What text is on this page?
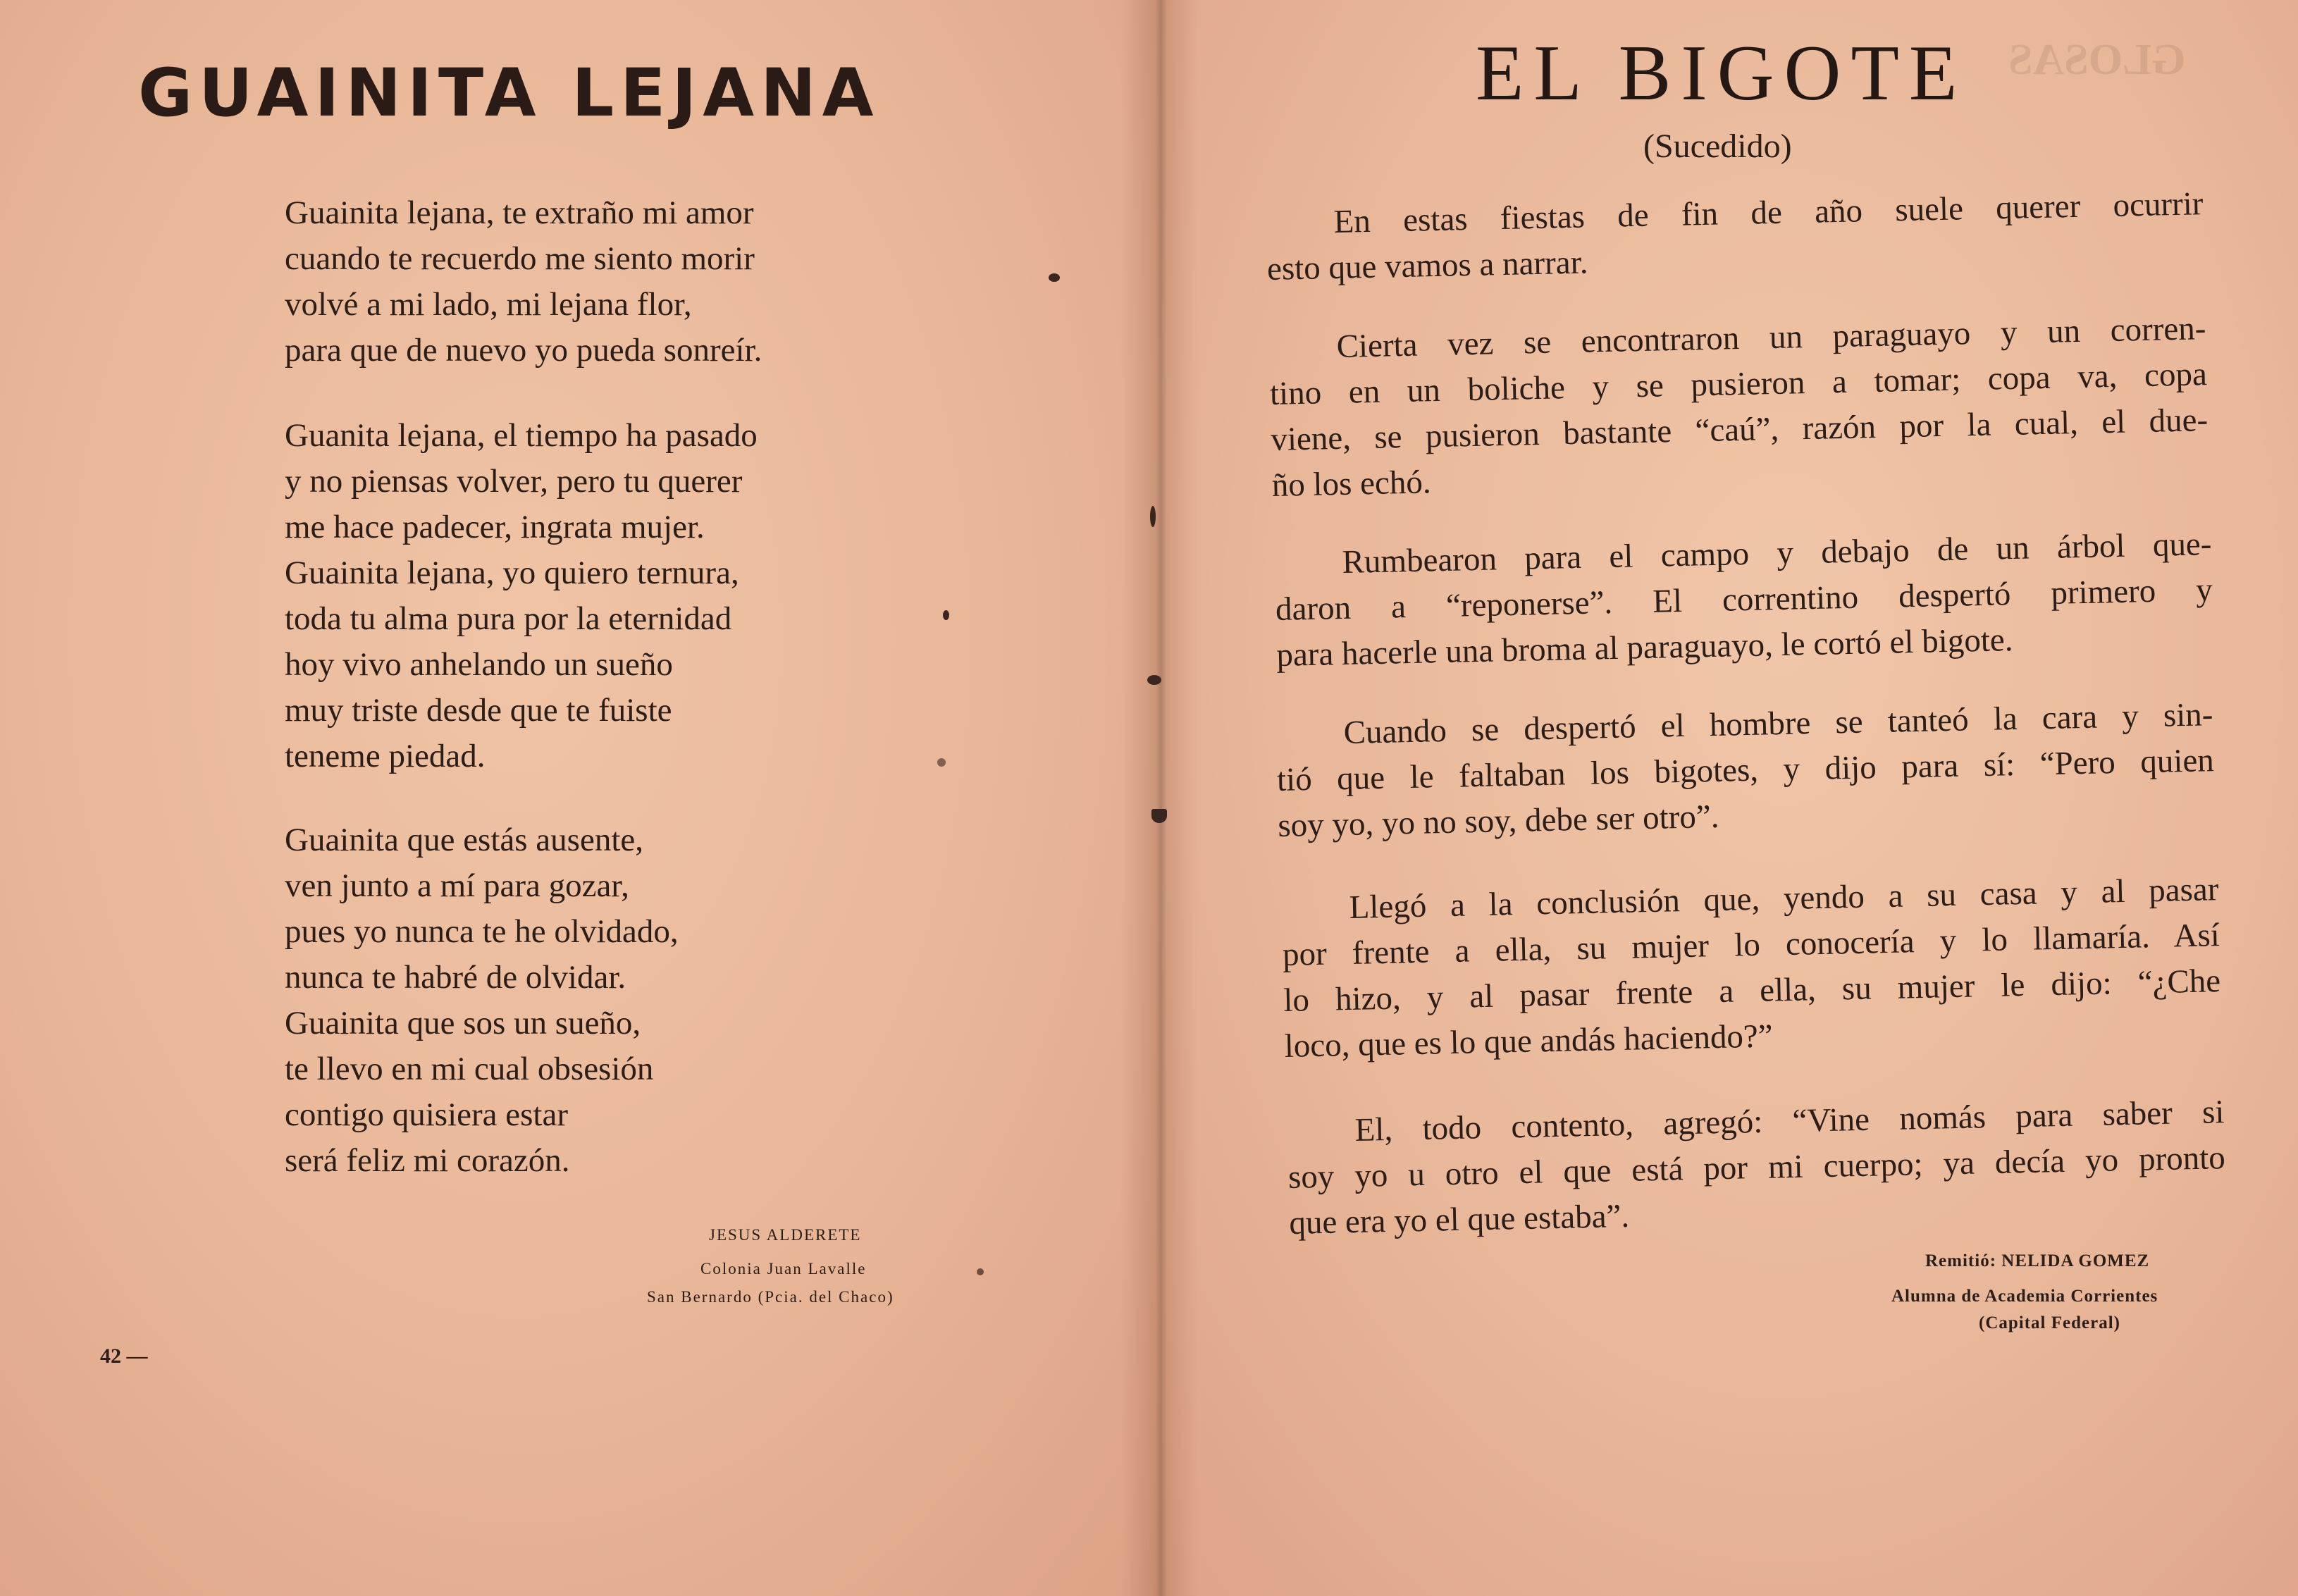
GUAINITA LEJANA
Guainita lejana, te extraño mi amor
cuando te recuerdo me siento morir
volvé a mi lado, mi lejana flor,
para que de nuevo yo pueda sonreír.
Guanita lejana, el tiempo ha pasado
y no piensas volver, pero tu querer
me hace padecer, ingrata mujer.
Guainita lejana, yo quiero ternura,
toda tu alma pura por la eternidad
hoy vivo anhelando un sueño
muy triste desde que te fuiste
teneme piedad.
Guainita que estás ausente,
ven junto a mí para gozar,
pues yo nunca te he olvidado,
nunca te habré de olvidar.
Guainita que sos un sueño,
te llevo en mi cual obsesión
contigo quisiera estar
será feliz mi corazón.
JESUS ALDERETE
Colonia Juan Lavalle
San Bernardo (Pcia. del Chaco)
42 —
GLOSAS
EL BIGOTE
(Sucedido)
En estas fiestas de fin de año suele querer ocurrir
esto que vamos a narrar.
Cierta vez se encontraron un paraguayo y un corren-
tino en un boliche y se pusieron a tomar; copa va, copa
viene, se pusieron bastante “caú”, razón por la cual, el due-
ño los echó.
Rumbearon para el campo y debajo de un árbol que-
daron a “reponerse”. El correntino despertó primero y
para hacerle una broma al paraguayo, le cortó el bigote.
Cuando se despertó el hombre se tanteó la cara y sin-
tió que le faltaban los bigotes, y dijo para sí: “Pero quien
soy yo, yo no soy, debe ser otro”.
Llegó a la conclusión que, yendo a su casa y al pasar
por frente a ella, su mujer lo conocería y lo llamaría. Así
lo hizo, y al pasar frente a ella, su mujer le dijo: “¿Che
loco, que es lo que andás haciendo?”
El, todo contento, agregó: “Vine nomás para saber si
soy yo u otro el que está por mi cuerpo; ya decía yo pronto
que era yo el que estaba”.
Remitió: NELIDA GOMEZ
Alumna de Academia Corrientes
(Capital Federal)
